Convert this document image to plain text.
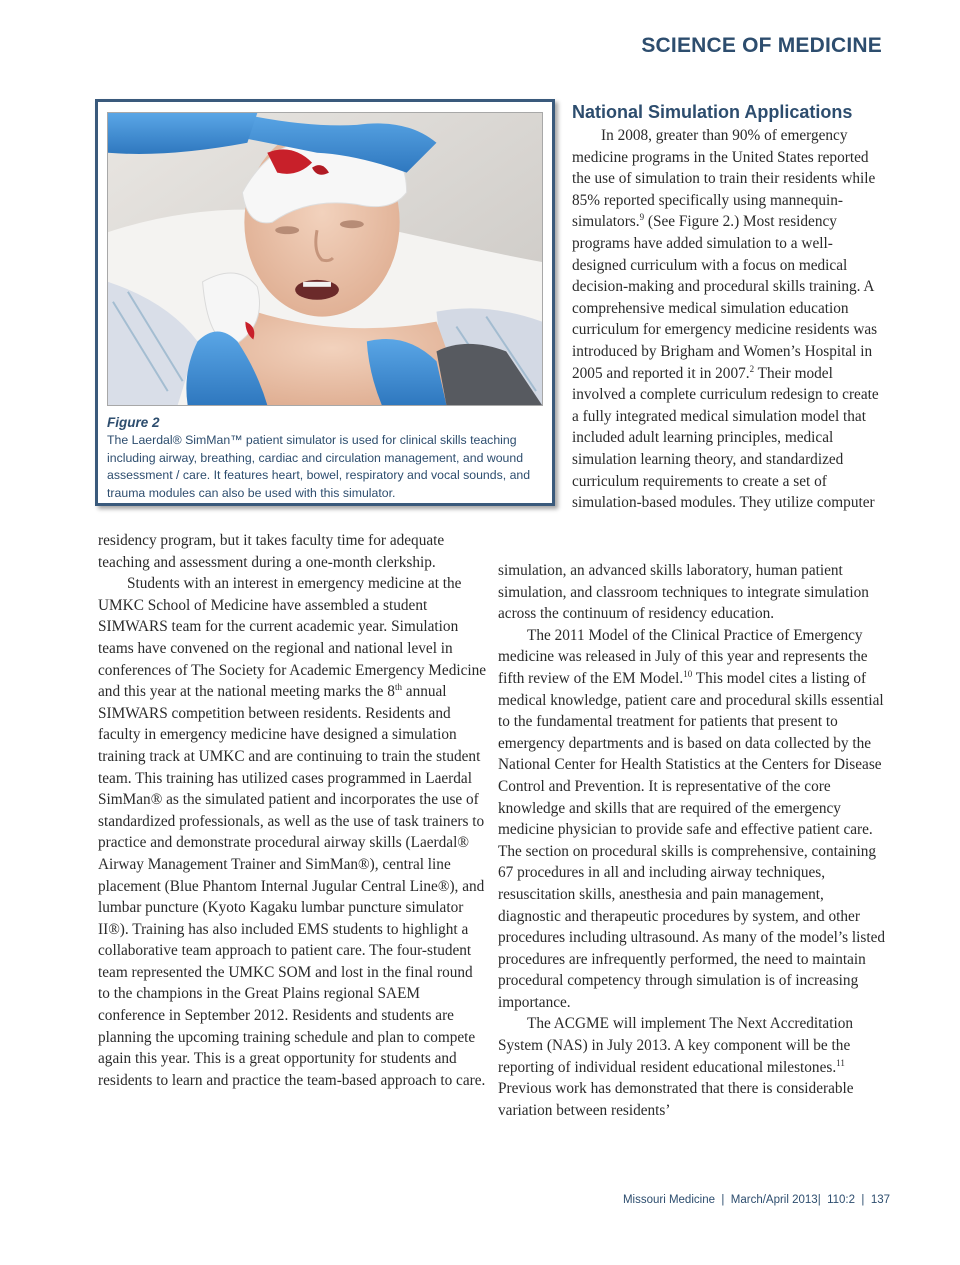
SCIENCE OF MEDICINE
Figure 2
The Laerdal® SimMan™ patient simulator is used for clinical skills teaching including airway, breathing, cardiac and circulation management, and wound assessment / care. It features heart, bowel, respiratory and vocal sounds, and trauma modules can also be used with this simulator.
National Simulation Applications

In 2008, greater than 90% of emergency medicine programs in the United States reported the use of simulation to train their residents while 85% reported specifically using mannequin-simulators.$^9$ (See Figure 2.) Most residency programs have added simulation to a well-designed curriculum with a focus on medical decision-making and procedural skills training. A comprehensive medical simulation education curriculum for emergency medicine residents was introduced by Brigham and Women’s Hospital in 2005 and reported it in 2007.$^2$ Their model involved a complete curriculum redesign to create a fully integrated medical simulation model that included adult learning principles, medical simulation learning theory, and standardized curriculum requirements to create a set of simulation-based modules. They utilize computer

simulation, an advanced skills laboratory, human patient simulation, and classroom techniques to integrate simulation across the continuum of residency education.

The 2011 Model of the Clinical Practice of Emergency medicine was released in July of this year and represents the fifth review of the EM Model.$^{10}$ This model cites a listing of medical knowledge, patient care and procedural skills essential to the fundamental treatment for patients that present to emergency departments and is based on data collected by the National Center for Health Statistics at the Centers for Disease Control and Prevention. It is representative of the core knowledge and skills that are required of the emergency medicine physician to provide safe and effective patient care. The section on procedural skills is comprehensive, containing 67 procedures in all and including airway techniques, resuscitation skills, anesthesia and pain management, diagnostic and therapeutic procedures by system, and other procedures including ultrasound. As many of the model’s listed procedures are infrequently performed, the need to maintain procedural competency through simulation is of increasing importance.

The ACGME will implement The Next Accreditation System (NAS) in July 2013. A key component will be the reporting of individual resident educational milestones.$^{11}$ Previous work has demonstrated that there is considerable variation between residents’

residency program, but it takes faculty time for adequate teaching and assessment during a one-month clerkship.

Students with an interest in emergency medicine at the UMKC School of Medicine have assembled a student SIMWARS team for the current academic year. Simulation teams have convened on the regional and national level in conferences of The Society for Academic Emergency Medicine and this year at the national meeting marks the 8th annual SIMWARS competition between residents. Residents and faculty in emergency medicine have designed a simulation training track at UMKC and are continuing to train the student team. This training has utilized cases programmed in Laerdal SimMan® as the simulated patient and incorporates the use of standardized professionals, as well as the use of task trainers to practice and demonstrate procedural airway skills (Laerdal® Airway Management Trainer and SimMan®), central line placement (Blue Phantom Internal Jugular Central Line®), and lumbar puncture (Kyoto Kagaku lumbar puncture simulator II®). Training has also included EMS students to highlight a collaborative team approach to patient care. The four-student team represented the UMKC SOM and lost in the final round to the champions in the Great Plains regional SAEM conference in September 2012. Residents and students are planning the upcoming training schedule and plan to compete again this year. This is a great opportunity for students and residents to learn and practice the team-based approach to care.

Missouri Medicine  |  March/April 2013|  110:2  |  137
